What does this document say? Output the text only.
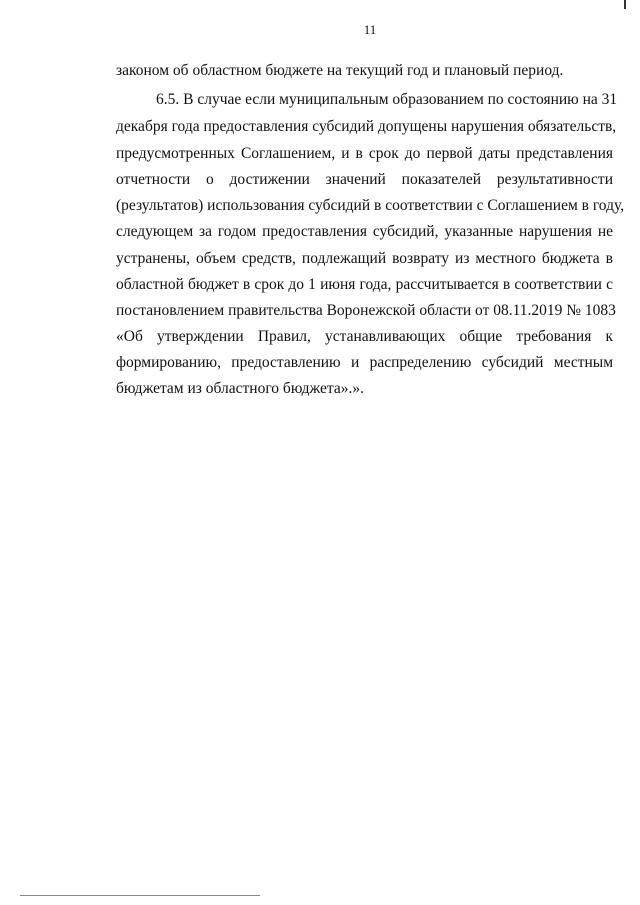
11
законом об областном бюджете на текущий год и плановый период.
6.5. В случае если муниципальным образованием по состоянию на 31
декабря года предоставления субсидий допущены нарушения обязательств,
предусмотренных Соглашением, и в срок до первой даты представления
отчетности о достижении значений показателей результативности
(результатов) использования субсидий в соответствии с Соглашением в году,
следующем за годом предоставления субсидий, указанные нарушения не
устранены, объем средств, подлежащий возврату из местного бюджета в
областной бюджет в срок до 1 июня года, рассчитывается в соответствии с
постановлением правительства Воронежской области от 08.11.2019 № 1083
«Об утверждении Правил, устанавливающих общие требования к
формированию, предоставлению и распределению субсидий местным
бюджетам из областного бюджета».».
